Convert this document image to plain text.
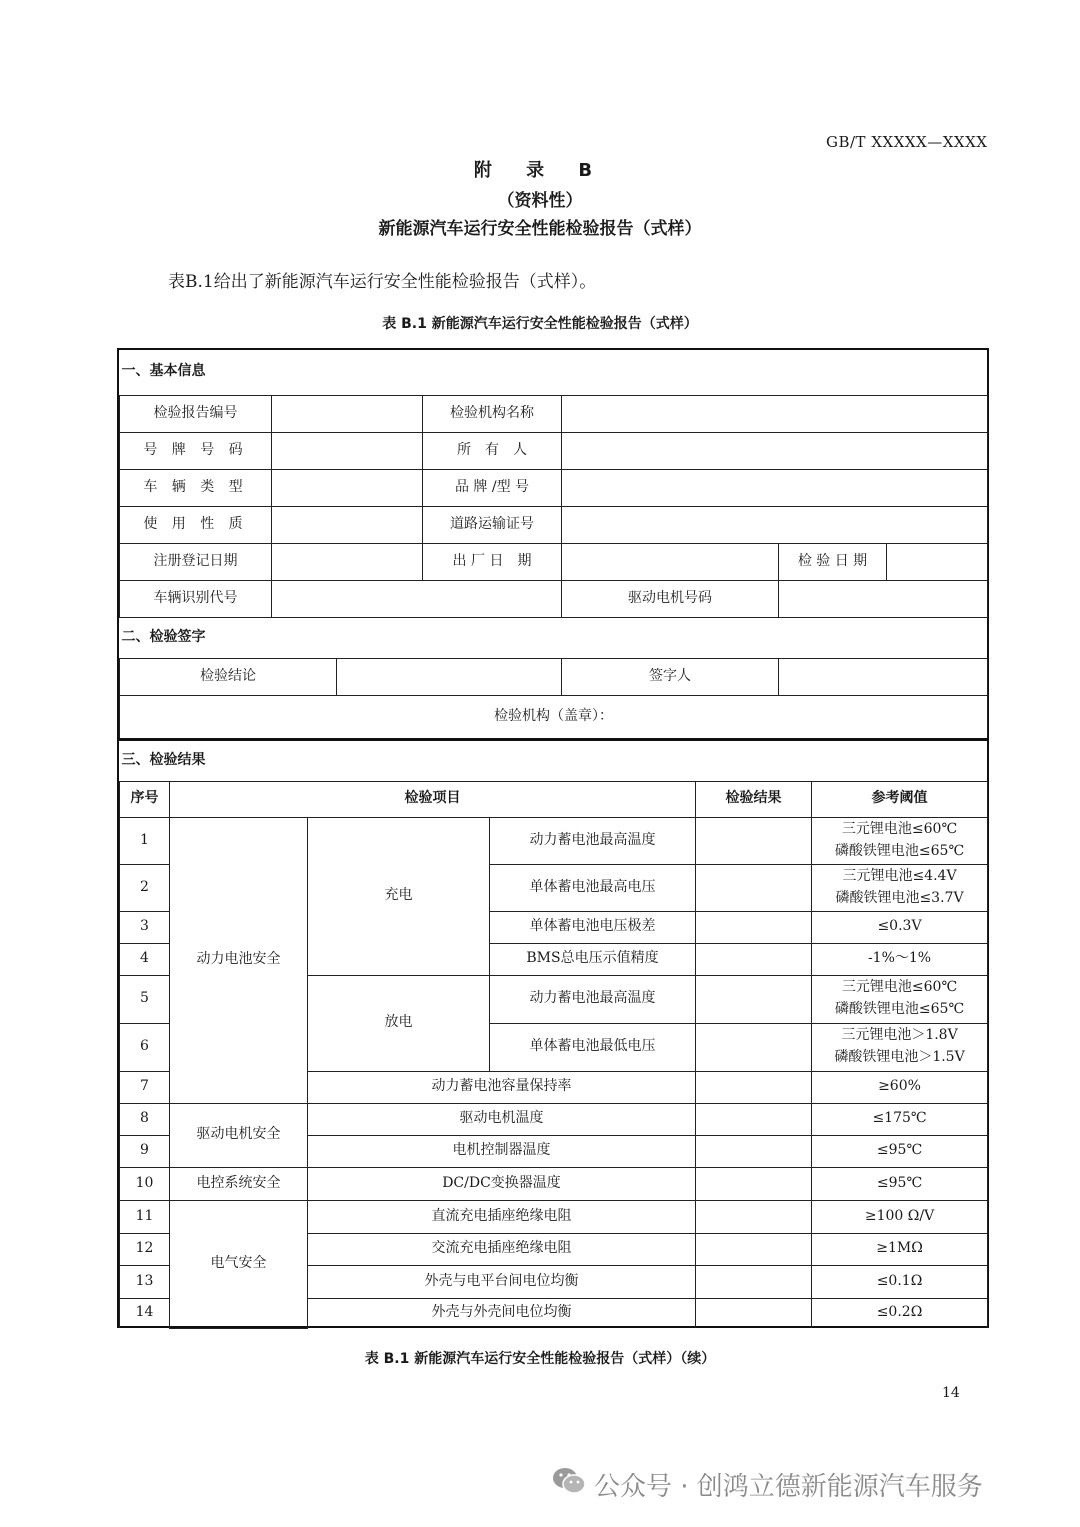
GB/T XXXXX—XXXX
附 录 B
（资料性）
新能源汽车运行安全性能检验报告（式样）
表B.1给出了新能源汽车运行安全性能检验报告（式样）。
表 B.1 新能源汽车运行安全性能检验报告（式样）
一、基本信息						
检验报告编号			检验机构名称			
号 牌 号 码			所　有　人			
车 辆 类 型			品 牌 /型 号			
使 用 性 质			道路运输证号			
注册登记日期			出 厂 日　期		检 验 日 期	
车辆识别代号				驱动电机号码		
二、检验签字						
检验结论				签字人		
检验机构（盖章）：						
三、检验结果					
序号	检验项目			检验结果	参考阈值
1	动力电池安全	充电	动力蓄电池最高温度		三元锂电池≤60℃
磷酸铁锂电池≤65℃

2			单体蓄电池最高电压		三元锂电池≤4.4V
磷酸铁锂电池≤3.7V

3			单体蓄电池电压极差		≤0.3V
4			BMS总电压示值精度		-1%～1%
5		放电	动力蓄电池最高温度		三元锂电池≤60℃
磷酸铁锂电池≤65℃

6			单体蓄电池最低电压		三元锂电池＞1.8V
磷酸铁锂电池＞1.5V

7		动力蓄电池容量保持率			≥60%
8	驱动电机安全	驱动电机温度			≤175℃
9		电机控制器温度			≤95℃
10	电控系统安全	DC/DC变换器温度			≤95℃
11	电气安全	直流充电插座绝缘电阻			≥100 Ω/V
12		交流充电插座绝缘电阻			≥1MΩ
13		外壳与电平台间电位均衡			≤0.1Ω
14		外壳与外壳间电位均衡			≤0.2Ω
表 B.1 新能源汽车运行安全性能检验报告（式样）（续）
14
公众号 · 创鸿立德新能源汽车服务
